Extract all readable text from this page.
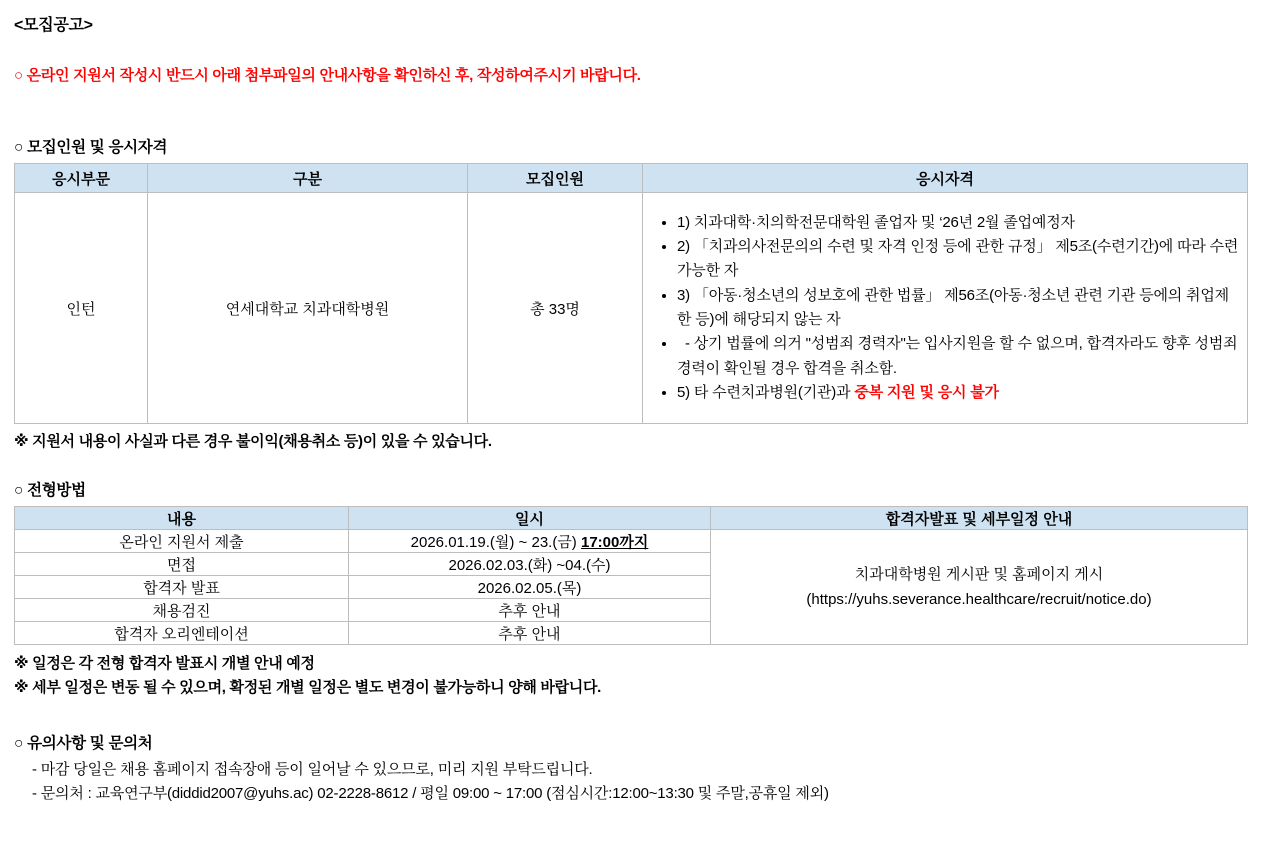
<모집공고>
○ 온라인 지원서 작성시 반드시 아래 첨부파일의 안내사항을 확인하신 후, 작성하여주시기 바랍니다.
○ 모집인원 및 응시자격
응시부문	구분	모집인원	응시자격
인턴	연세대학교 치과대학병원	총 33명	
• 1) 치과대학·치의학전문대학원 졸업자 및 ‘26년 2월 졸업예정자
• 2) 「치과의사전문의의 수련 및 자격 인정 등에 관한 규정」 제5조(수련기간)에 따라 수련 가능한 자
• 3) 「아동·청소년의 성보호에 관한 법률」 제56조(아동·청소년 관련 기관 등에의 취업제한 등)에 해당되지 않는 자
•   - 상기 법률에 의거 "성범죄 경력자"는 입사지원을 할 수 없으며, 합격자라도 향후 성범죄경력이 확인될 경우 합격을 취소함.
• 5) 타 수련치과병원(기관)과 중복 지원 및 응시 불가
※ 지원서 내용이 사실과 다른 경우 불이익(채용취소 등)이 있을 수 있습니다.
○ 전형방법
내용	일시	합격자발표 및 세부일정 안내
온라인 지원서 제출	2026.01.19.(월) ~ 23.(금) 17:00까지	치과대학병원 게시판 및 홈페이지 게시
(https://yuhs.severance.healthcare/recruit/notice.do)

면접	2026.02.03.(화) ~04.(수)	
합격자 발표	2026.02.05.(목)	
채용검진	추후 안내	
합격자 오리엔테이션	추후 안내	
※ 일정은 각 전형 합격자 발표시 개별 안내 예정
※ 세부 일정은 변동 될 수 있으며, 확정된 개별 일정은 별도 변경이 불가능하니 양해 바랍니다.
○ 유의사항 및 문의처
- 마감 당일은 채용 홈페이지 접속장애 등이 일어날 수 있으므로, 미리 지원 부탁드립니다.
- 문의처 : 교육연구부(diddid2007@yuhs.ac) 02-2228-8612 / 평일 09:00 ~ 17:00 (점심시간:12:00~13:30 및 주말,공휴일 제외)
